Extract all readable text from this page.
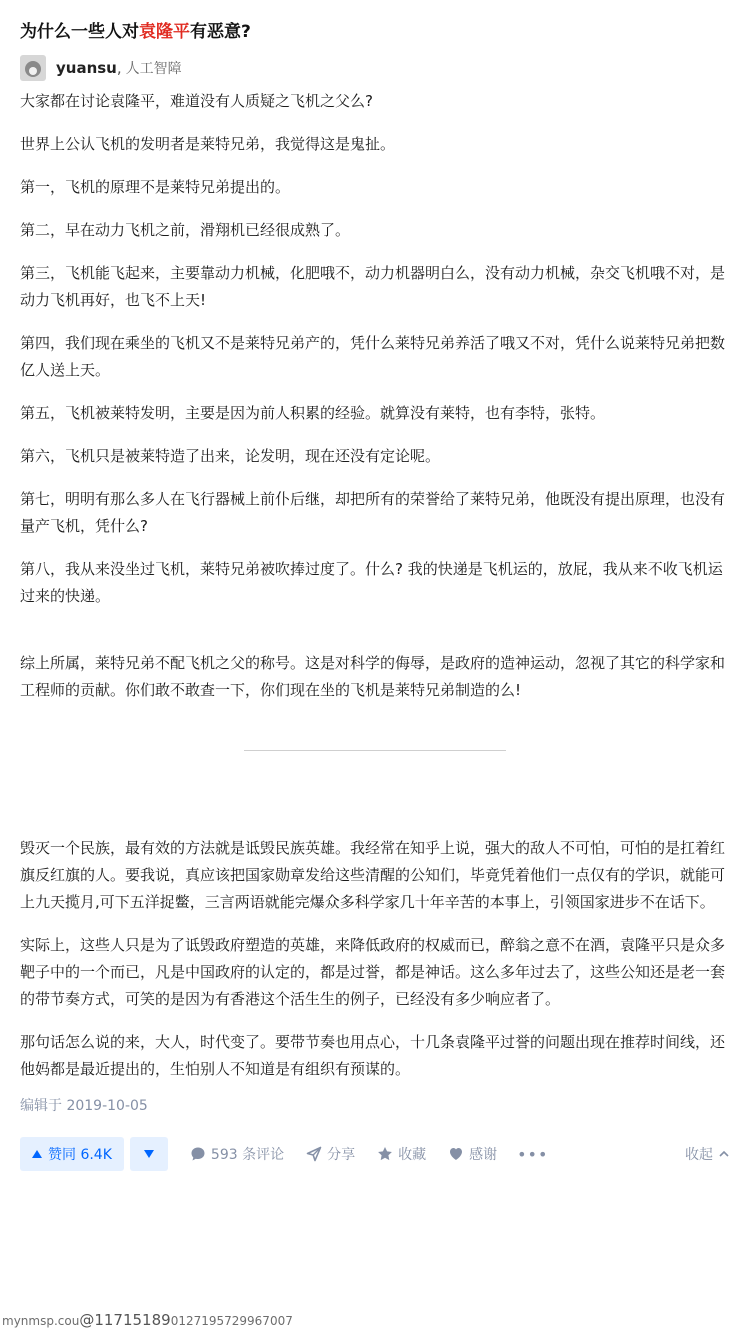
为什么一些人对袁隆平有恶意?
yuansu , 人工智障

大家都在讨论袁隆平，难道没有人质疑之飞机之父么?

世界上公认飞机的发明者是莱特兄弟，我觉得这是鬼扯。

第一，飞机的原理不是莱特兄弟提出的。

第二，早在动力飞机之前，滑翔机已经很成熟了。

第三，飞机能飞起来，主要靠动力机械，化肥哦不，动力机器明白么，没有动力机械，杂交飞机哦不对，是动力飞机再好，也飞不上天!

第四，我们现在乘坐的飞机又不是莱特兄弟产的，凭什么莱特兄弟养活了哦又不对，凭什么说莱特兄弟把数亿人送上天。

第五，飞机被莱特发明，主要是因为前人积累的经验。就算没有莱特，也有李特，张特。

第六，飞机只是被莱特造了出来，论发明，现在还没有定论呢。

第七，明明有那么多人在飞行器械上前仆后继，却把所有的荣誉给了莱特兄弟，他既没有提出原理，也没有量产飞机，凭什么?

第八，我从来没坐过飞机，莱特兄弟被吹捧过度了。什么? 我的快递是飞机运的，放屁，我从来不收飞机运过来的快递。

综上所属，莱特兄弟不配飞机之父的称号。这是对科学的侮辱，是政府的造神运动，忽视了其它的科学家和工程师的贡献。你们敢不敢查一下，你们现在坐的飞机是莱特兄弟制造的么!

毁灭一个民族，最有效的方法就是诋毁民族英雄。我经常在知乎上说，强大的敌人不可怕，可怕的是扛着红旗反红旗的人。要我说，真应该把国家勋章发给这些清醒的公知们，毕竟凭着他们一点仅有的学识，就能可上九天揽月,可下五洋捉鳖，三言两语就能完爆众多科学家几十年辛苦的本事上，引领国家进步不在话下。

实际上，这些人只是为了诋毁政府塑造的英雄，来降低政府的权威而已，醉翁之意不在酒，袁隆平只是众多靶子中的一个而已，凡是中国政府的认定的，都是过誉，都是神话。这么多年过去了，这些公知还是老一套的带节奏方式，可笑的是因为有香港这个活生生的例子，已经没有多少响应者了。

那句话怎么说的来，大人，时代变了。要带节奏也用点心，十几条袁隆平过誉的问题出现在推荐时间线，还他妈都是最近提出的，生怕别人不知道是有组织有预谋的。

编辑于 2019-10-05
赞同 6.4K	593 条评论	分享	收藏	感谢 •••	收起
mynmsp.cou@117151890127195729967007
